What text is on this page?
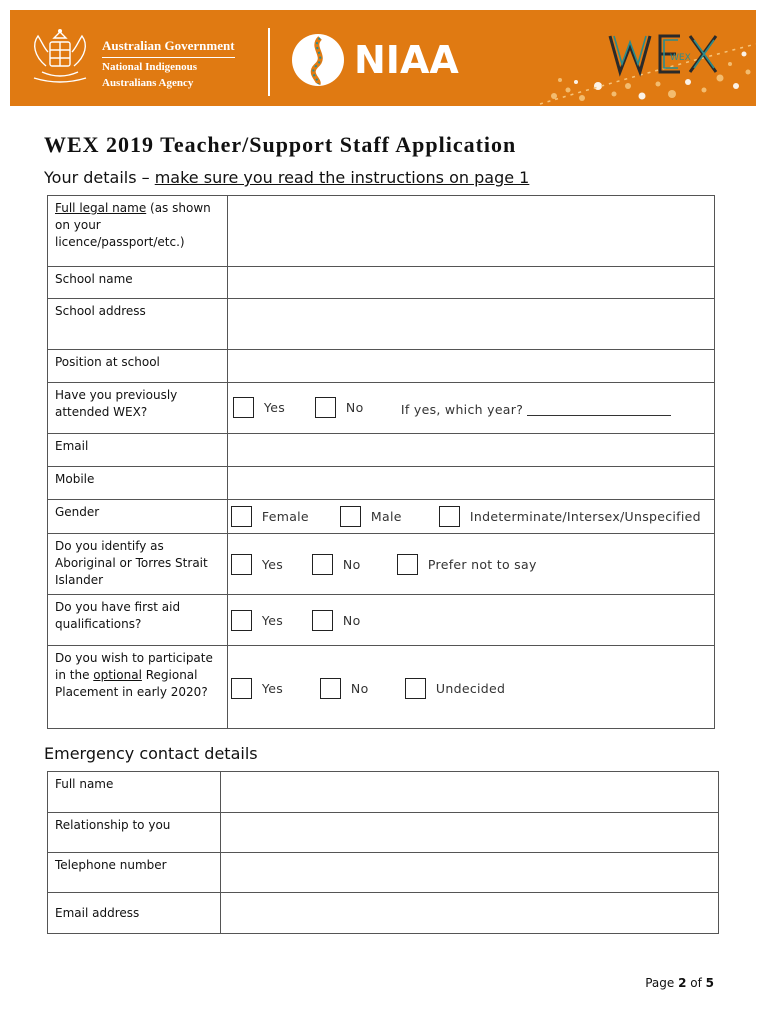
Australian Government
National Indigenous
Australians Agency
NIAA	WEX
WEX 2019 Teacher/Support Staff Application
Your details – make sure you read the instructions on page 1
Full legal name (as shown on your licence/passport/etc.)	
School name	
School address	
Position at school	
Have you previously attended WEX?	Yes No If yes, which year?

Email	
Mobile	
Gender	Female Male Indeterminate/Intersex/Unspecified

Do you identify as Aboriginal or Torres Strait Islander	Yes No Prefer not to say

Do you have first aid qualifications?	Yes No

Do you wish to participate in the optional Regional Placement in early 2020?	Yes No Undecided
Emergency contact details
Full name	
Relationship to you	
Telephone number	
Email address	
Page 2 of 5
